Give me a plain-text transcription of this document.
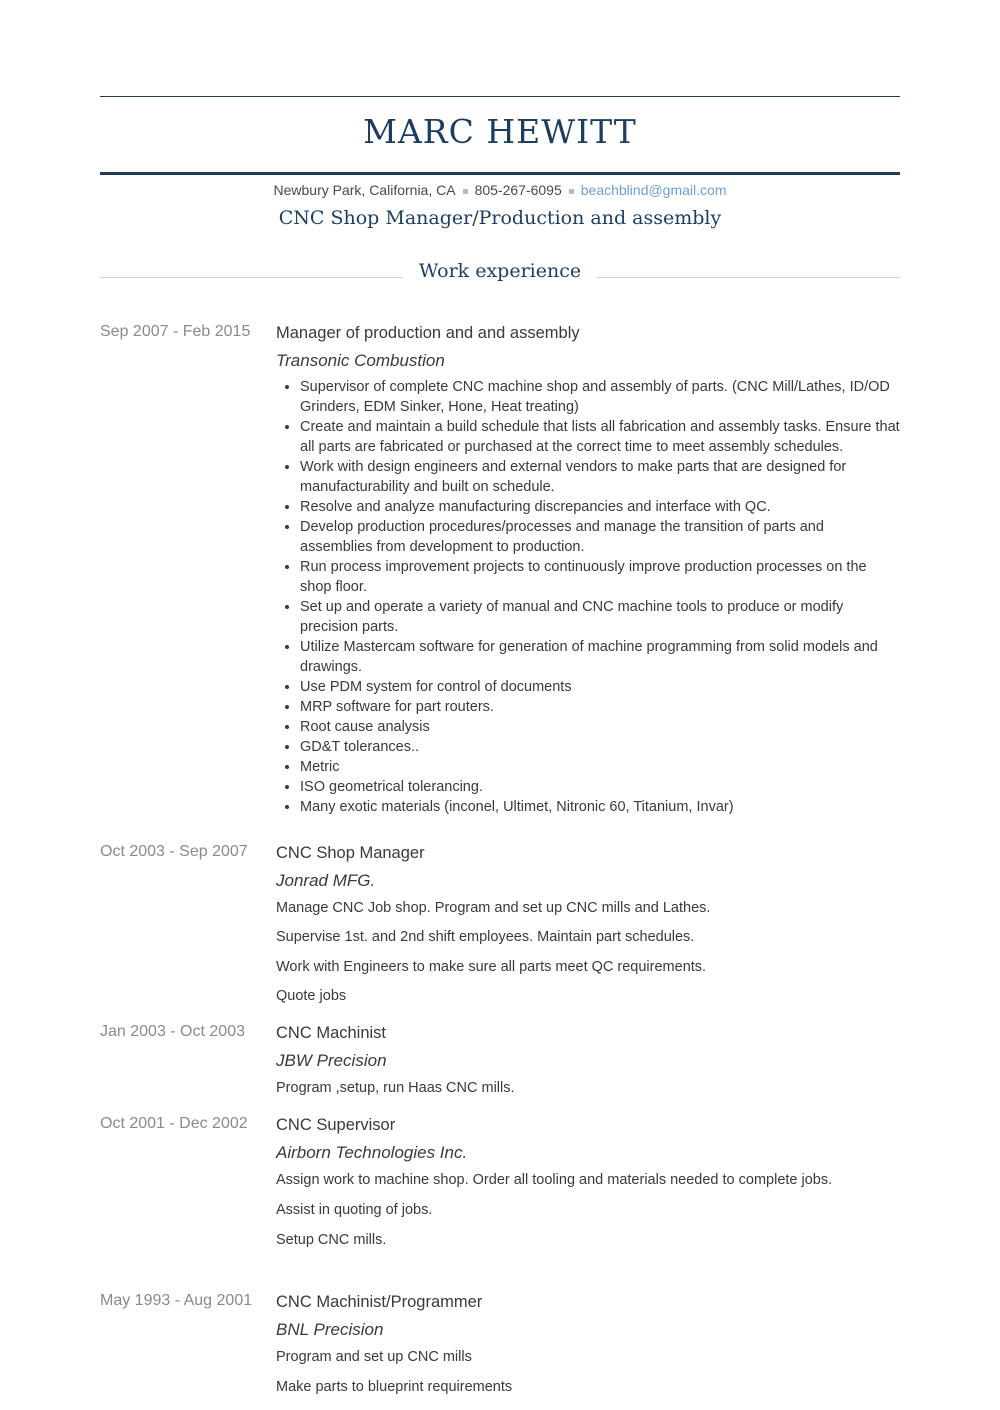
MARC HEWITT
Newbury Park, California, CA 805-267-6095 beachblind@gmail.com
CNC Shop Manager/Production and assembly
Work experience
Sep 2007 - Feb 2015	Manager of production and and assembly
Transonic Combustion
• Supervisor of complete CNC machine shop and assembly of parts. (CNC Mill/Lathes, ID/OD Grinders, EDM Sinker, Hone, Heat treating)
• Create and maintain a build schedule that lists all fabrication and assembly tasks. Ensure that all parts are fabricated or purchased at the correct time to meet assembly schedules.
• Work with design engineers and external vendors to make parts that are designed for manufacturability and built on schedule.
• Resolve and analyze manufacturing discrepancies and interface with QC.
• Develop production procedures/processes and manage the transition of parts and assemblies from development to production.
• Run process improvement projects to continuously improve production processes on the shop floor.
• Set up and operate a variety of manual and CNC machine tools to produce or modify precision parts.
• Utilize Mastercam software for generation of machine programming from solid models and drawings.
• Use PDM system for control of documents
• MRP software for part routers.
• Root cause analysis
• GD&T tolerances..
• Metric
• ISO geometrical tolerancing.
• Many exotic materials (inconel, Ultimet, Nitronic 60, Titanium, Invar)
Oct 2003 - Sep 2007	CNC Shop Manager
Jonrad MFG.

Manage CNC Job shop. Program and set up CNC mills and Lathes.

Supervise 1st. and 2nd shift employees. Maintain part schedules.

Work with Engineers to make sure all parts meet QC requirements.

Quote jobs

Jan 2003 - Oct 2003	CNC Machinist
JBW Precision

Program ,setup, run Haas CNC mills.

Oct 2001 - Dec 2002	CNC Supervisor
Airborn Technologies Inc.

Assign work to machine shop. Order all tooling and materials needed to complete jobs.

Assist in quoting of jobs.

Setup CNC mills.

May 1993 - Aug 2001	CNC Machinist/Programmer
BNL Precision

Program and set up CNC mills

Make parts to blueprint requirements
